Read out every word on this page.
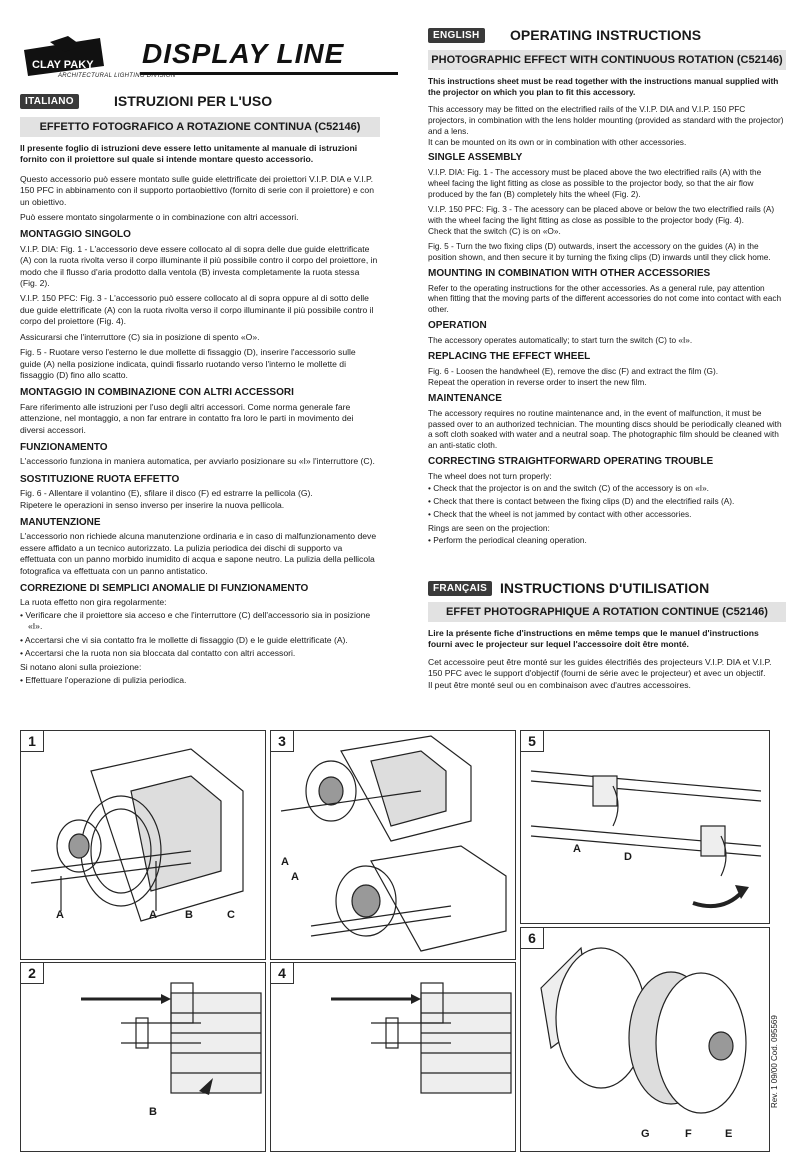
CLAY PAKY DISPLAY LINE
ARCHITECTURAL LIGHTING DIVISION
ITALIANO	ISTRUZIONI PER L'USO
EFFETTO FOTOGRAFICO A ROTAZIONE CONTINUA (C52146)

Il presente foglio di istruzioni deve essere letto unitamente al manuale di istruzioni fornito con il proiettore sul quale si intende montare questo accessorio.

Questo accessorio può essere montato sulle guide elettrificate dei proiettori V.I.P. DIA e V.I.P. 150 PFC in abbinamento con il supporto portaobiettivo (fornito di serie con il proiettore) e con un obiettivo.

Può essere montato singolarmente o in combinazione con altri accessori.

MONTAGGIO SINGOLO

V.I.P. DIA: Fig. 1 - L'accessorio deve essere collocato al di sopra delle due guide elettrificate (A) con la ruota rivolta verso il corpo illuminante il più possibile contro il corpo del proiettore, in modo che il flusso d'aria prodotto dalla ventola (B) investa completamente la ruota stessa (Fig. 2).

V.I.P. 150 PFC: Fig. 3 - L'accessorio può essere collocato al di sopra oppure al di sotto delle due guide elettrificate (A) con la ruota rivolta verso il corpo illuminante il più possibile contro il corpo del proiettore (Fig. 4).

Assicurarsi che l'interruttore (C) sia in posizione di spento «O».

Fig. 5 - Ruotare verso l'esterno le due mollette di fissaggio (D), inserire l'accessorio sulle guide (A) nella posizione indicata, quindi fissarlo ruotando verso l'interno le mollette di fissaggio (D) fino allo scatto.

MONTAGGIO IN COMBINAZIONE CON ALTRI ACCESSORI

Fare riferimento alle istruzioni per l'uso degli altri accessori. Come norma generale fare attenzione, nel montaggio, a non far entrare in contatto fra loro le parti in movimento dei diversi accessori.

FUNZIONAMENTO

L'accessorio funziona in maniera automatica, per avviarlo posizionare su «I» l'interruttore (C).

SOSTITUZIONE RUOTA EFFETTO

Fig. 6 - Allentare il volantino (E), sfilare il disco (F) ed estrarre la pellicola (G).

Ripetere le operazioni in senso inverso per inserire la nuova pellicola.

MANUTENZIONE

L'accessorio non richiede alcuna manutenzione ordinaria e in caso di malfunzionamento deve essere affidato a un tecnico autorizzato. La pulizia periodica dei dischi di supporto va effettuata con un panno morbido inumidito di acqua e sapone neutro. La pulizia della pellicola fotografica va effettuata con un panno antistatico.

CORREZIONE DI SEMPLICI ANOMALIE DI FUNZIONAMENTO

La ruota effetto non gira regolarmente:

• Verificare che il proiettore sia acceso e che l'interruttore (C) dell'accessorio sia in posizione «I».
• Accertarsi che vi sia contatto fra le mollette di fissaggio (D) e le guide elettrificate (A).
• Accertarsi che la ruota non sia bloccata dal contatto con altri accessori.

Si notano aloni sulla proiezione:

• Effettuare l'operazione di pulizia periodica.
ENGLISH	OPERATING INSTRUCTIONS
PHOTOGRAPHIC EFFECT WITH CONTINUOUS ROTATION (C52146)

This instructions sheet must be read together with the instructions manual supplied with the projector on which you plan to fit this accessory.

This accessory may be fitted on the electrified rails of the V.I.P. DIA and V.I.P. 150 PFC projectors, in combination with the lens holder mounting (provided as standard with the projector) and a lens.

It can be mounted on its own or in combination with other accessories.

SINGLE ASSEMBLY

V.I.P. DIA: Fig. 1 - The accessory must be placed above the two electrified rails (A) with the wheel facing the light fitting as close as possible to the projector body, so that the air flow produced by the fan (B) completely hits the wheel (Fig. 2).

V.I.P. 150 PFC: Fig. 3 - The acessory can be placed above or below the two electrified rails (A) with the wheel facing the light fitting as close as possible to the projector body (Fig. 4).

Check that the switch (C) is on «O».

Fig. 5 - Turn the two fixing clips (D) outwards, insert the accessory on the guides (A) in the position shown, and then secure it by turning the fixing clips (D) inwards until they click home.

MOUNTING IN COMBINATION WITH OTHER ACCESSORIES

Refer to the operating instructions for the other accessories. As a general rule, pay attention when fitting that the moving parts of the different accessories do not come into contact with each other.

OPERATION

The accessory operates automatically; to start turn the switch (C) to «I».

REPLACING THE EFFECT WHEEL

Fig. 6 - Loosen the handwheel (E), remove the disc (F) and extract the film (G).

Repeat the operation in reverse order to insert the new film.

MAINTENANCE

The accessory requires no routine maintenance and, in the event of malfunction, it must be passed over to an authorized technician. The mounting discs should be periodically cleaned with a soft cloth soaked with water and a neutral soap. The photographic film should be cleaned with an anti-static cloth.

CORRECTING STRAIGHTFORWARD OPERATING TROUBLE

The wheel does not turn properly:

• Check that the projector is on and the switch (C) of the accessory is on «I».
• Check that there is contact between the fixing clips (D) and the electrified rails (A).
• Check that the wheel is not jammed by contact with other accessories.

Rings are seen on the projection:

• Perform the periodical cleaning operation.
FRANÇAIS INSTRUCTIONS D'UTILISATION
EFFET PHOTOGRAPHIQUE A ROTATION CONTINUE (C52146)

Lire la présente fiche d'instructions en même temps que le manuel d'instructions fourni avec le projecteur sur lequel l'accessoire doit être monté.

Cet accessoire peut être monté sur les guides électrifiés des projecteurs V.I.P. DIA et V.I.P. 150 PFC avec le support d'objectif (fourni de série avec le projecteur) et avec un objectif.

Il peut être monté seul ou en combinaison avec d'autres accessoires.

1
A	A	B	C
2
B
3
A
A
4
5
A
D
6
G	F	E
Rev. 1 09/00 Cod. 095569
